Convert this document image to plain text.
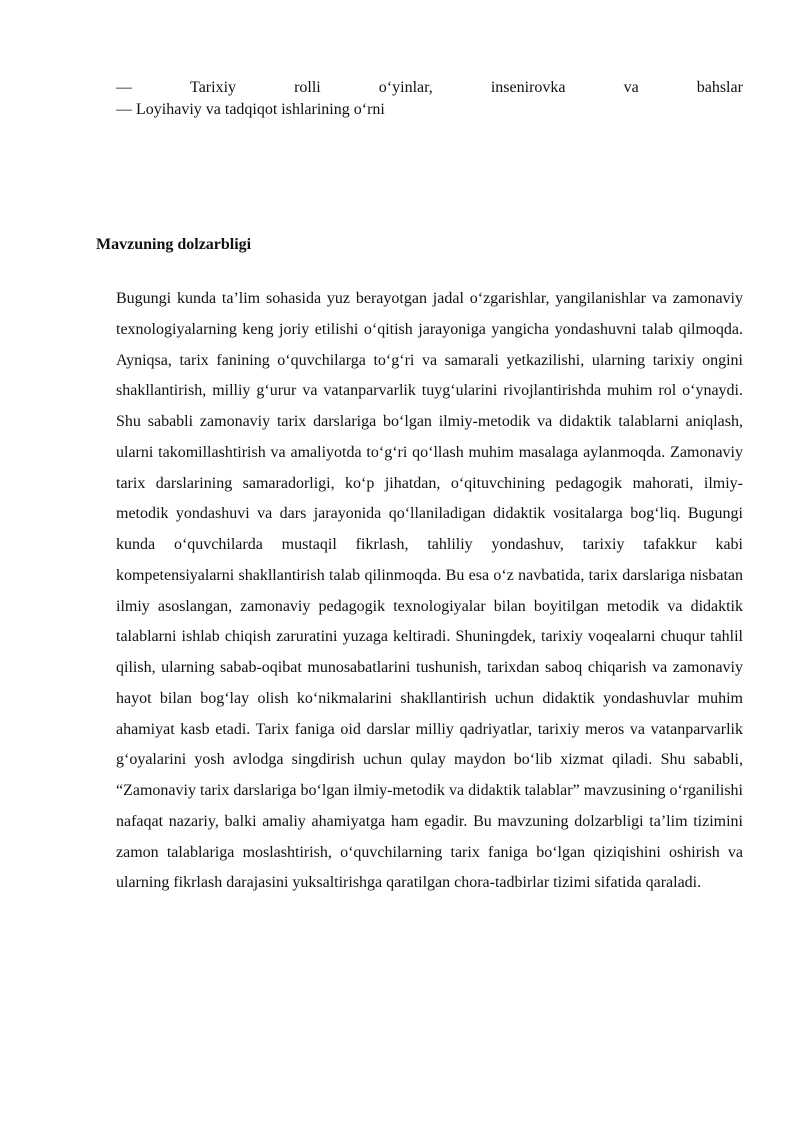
—	Tarixiy	rolli	o‘yinlar,	insenirovka	va	bahslar
— Loyihaviy va tadqiqot ishlarining o‘rni
Mavzuning dolzarbligi

Bugungi kunda ta’lim sohasida yuz berayotgan jadal o‘zgarishlar, yangilanishlar va zamonaviy texnologiyalarning keng joriy etilishi o‘qitish jarayoniga yangicha yondashuvni talab qilmoqda. Ayniqsa, tarix fanining o‘quvchilarga to‘g‘ri va samarali yetkazilishi, ularning tarixiy ongini shakllantirish, milliy g‘urur va vatanparvarlik tuyg‘ularini rivojlantirishda muhim rol o‘ynaydi. Shu sababli zamonaviy tarix darslariga bo‘lgan ilmiy-metodik va didaktik talablarni aniqlash, ularni takomillashtirish va amaliyotda to‘g‘ri qo‘llash muhim masalaga aylanmoqda. Zamonaviy tarix darslarining samaradorligi, ko‘p jihatdan, o‘qituvchining pedagogik mahorati, ilmiy-metodik yondashuvi va dars jarayonida qo‘llaniladigan didaktik vositalarga bog‘liq. Bugungi kunda o‘quvchilarda mustaqil fikrlash, tahliliy yondashuv, tarixiy tafakkur kabi kompetensiyalarni shakllantirish talab qilinmoqda. Bu esa o‘z navbatida, tarix darslariga nisbatan ilmiy asoslangan, zamonaviy pedagogik texnologiyalar bilan boyitilgan metodik va didaktik talablarni ishlab chiqish zaruratini yuzaga keltiradi. Shuningdek, tarixiy voqealarni chuqur tahlil qilish, ularning sabab-oqibat munosabatlarini tushunish, tarixdan saboq chiqarish va zamonaviy hayot bilan bog‘lay olish ko‘nikmalarini shakllantirish uchun didaktik yondashuvlar muhim ahamiyat kasb etadi. Tarix faniga oid darslar milliy qadriyatlar, tarixiy meros va vatanparvarlik g‘oyalarini yosh avlodga singdirish uchun qulay maydon bo‘lib xizmat qiladi. Shu sababli, “Zamonaviy tarix darslariga bo‘lgan ilmiy-metodik va didaktik talablar” mavzusining o‘rganilishi nafaqat nazariy, balki amaliy ahamiyatga ham egadir. Bu mavzuning dolzarbligi ta’lim tizimini zamon talablariga moslashtirish, o‘quvchilarning tarix faniga bo‘lgan qiziqishini oshirish va ularning fikrlash darajasini yuksaltirishga qaratilgan chora-tadbirlar tizimi sifatida qaraladi.
